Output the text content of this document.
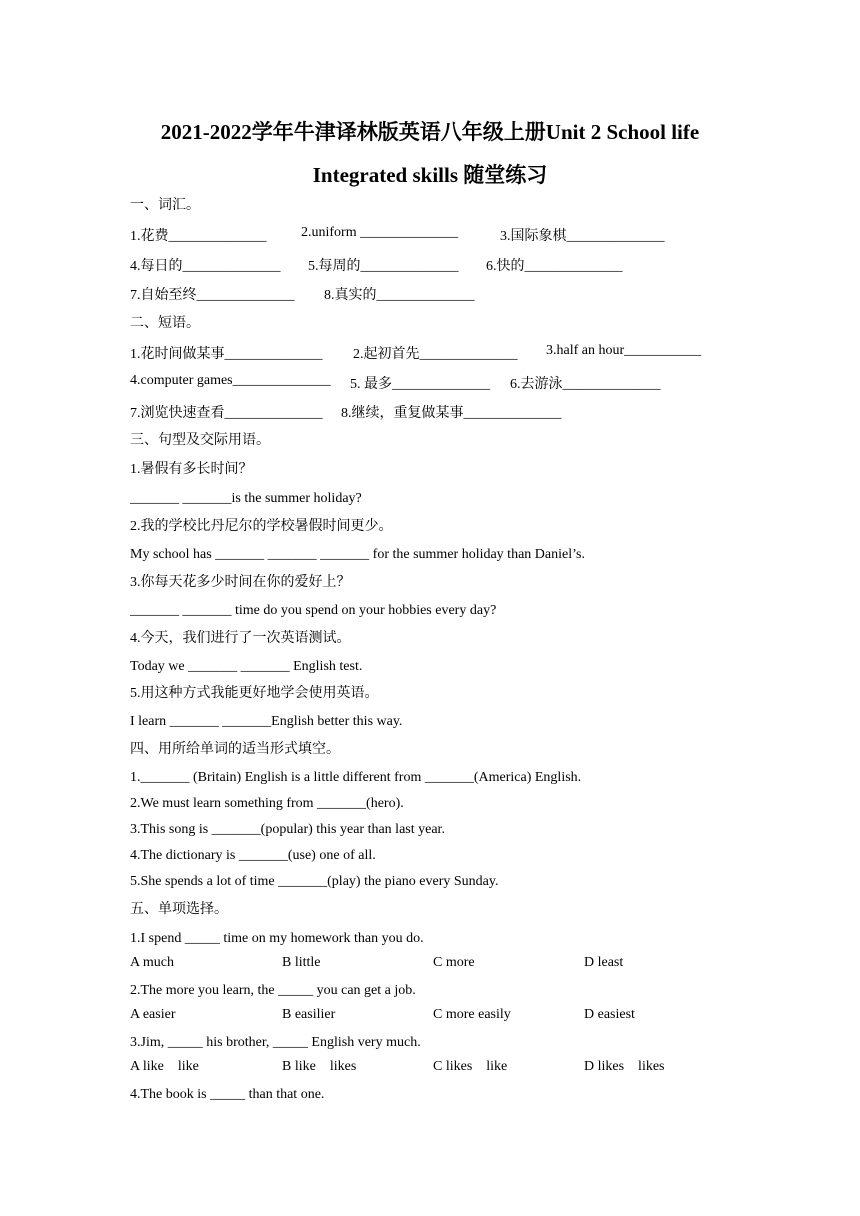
2021-2022学年牛津译林版英语八年级上册Unit 2 School life
Integrated skills 随堂练习
一、词汇。
1.花费______________ 2.uniform ______________	3.国际象棋______________
4.每日的______________ 5.每周的______________ 6.快的______________
7.自始至终______________ 8.真实的______________
二、短语。
1.花时间做某事______________ 2.起初首先______________ 3.half an hour___________
4.computer games______________ 5. 最多______________ 6.去游泳______________
7.浏览快速查看______________ 8.继续，重复做某事______________
三、句型及交际用语。
1.暑假有多长时间？
_______ _______is the summer holiday?
2.我的学校比丹尼尔的学校暑假时间更少。
My school has _______ _______ _______ for the summer holiday than Daniel’s.
3.你每天花多少时间在你的爱好上？
_______ _______ time do you spend on your hobbies every day?
4.今天，我们进行了一次英语测试。
Today we _______ _______ English test.
5.用这种方式我能更好地学会使用英语。
I learn _______ _______English better this way.
四、用所给单词的适当形式填空。
1._______ (Britain) English is a little different from _______(America) English.
2.We must learn something from _______(hero).
3.This song is _______(popular) this year than last year.
4.The dictionary is _______(use) one of all.
5.She spends a lot of time _______(play) the piano every Sunday.
五、单项选择。
1.I spend _____ time on my homework than you do.
A much	B little	C more	D least
2.The more you learn, the _____ you can get a job.
A easier	B easilier	C more easily	D easiest
3.Jim, _____ his brother, _____ English very much.
A like    like	B like    likes	C likes    like	D likes    likes
4.The book is _____ than that one.
